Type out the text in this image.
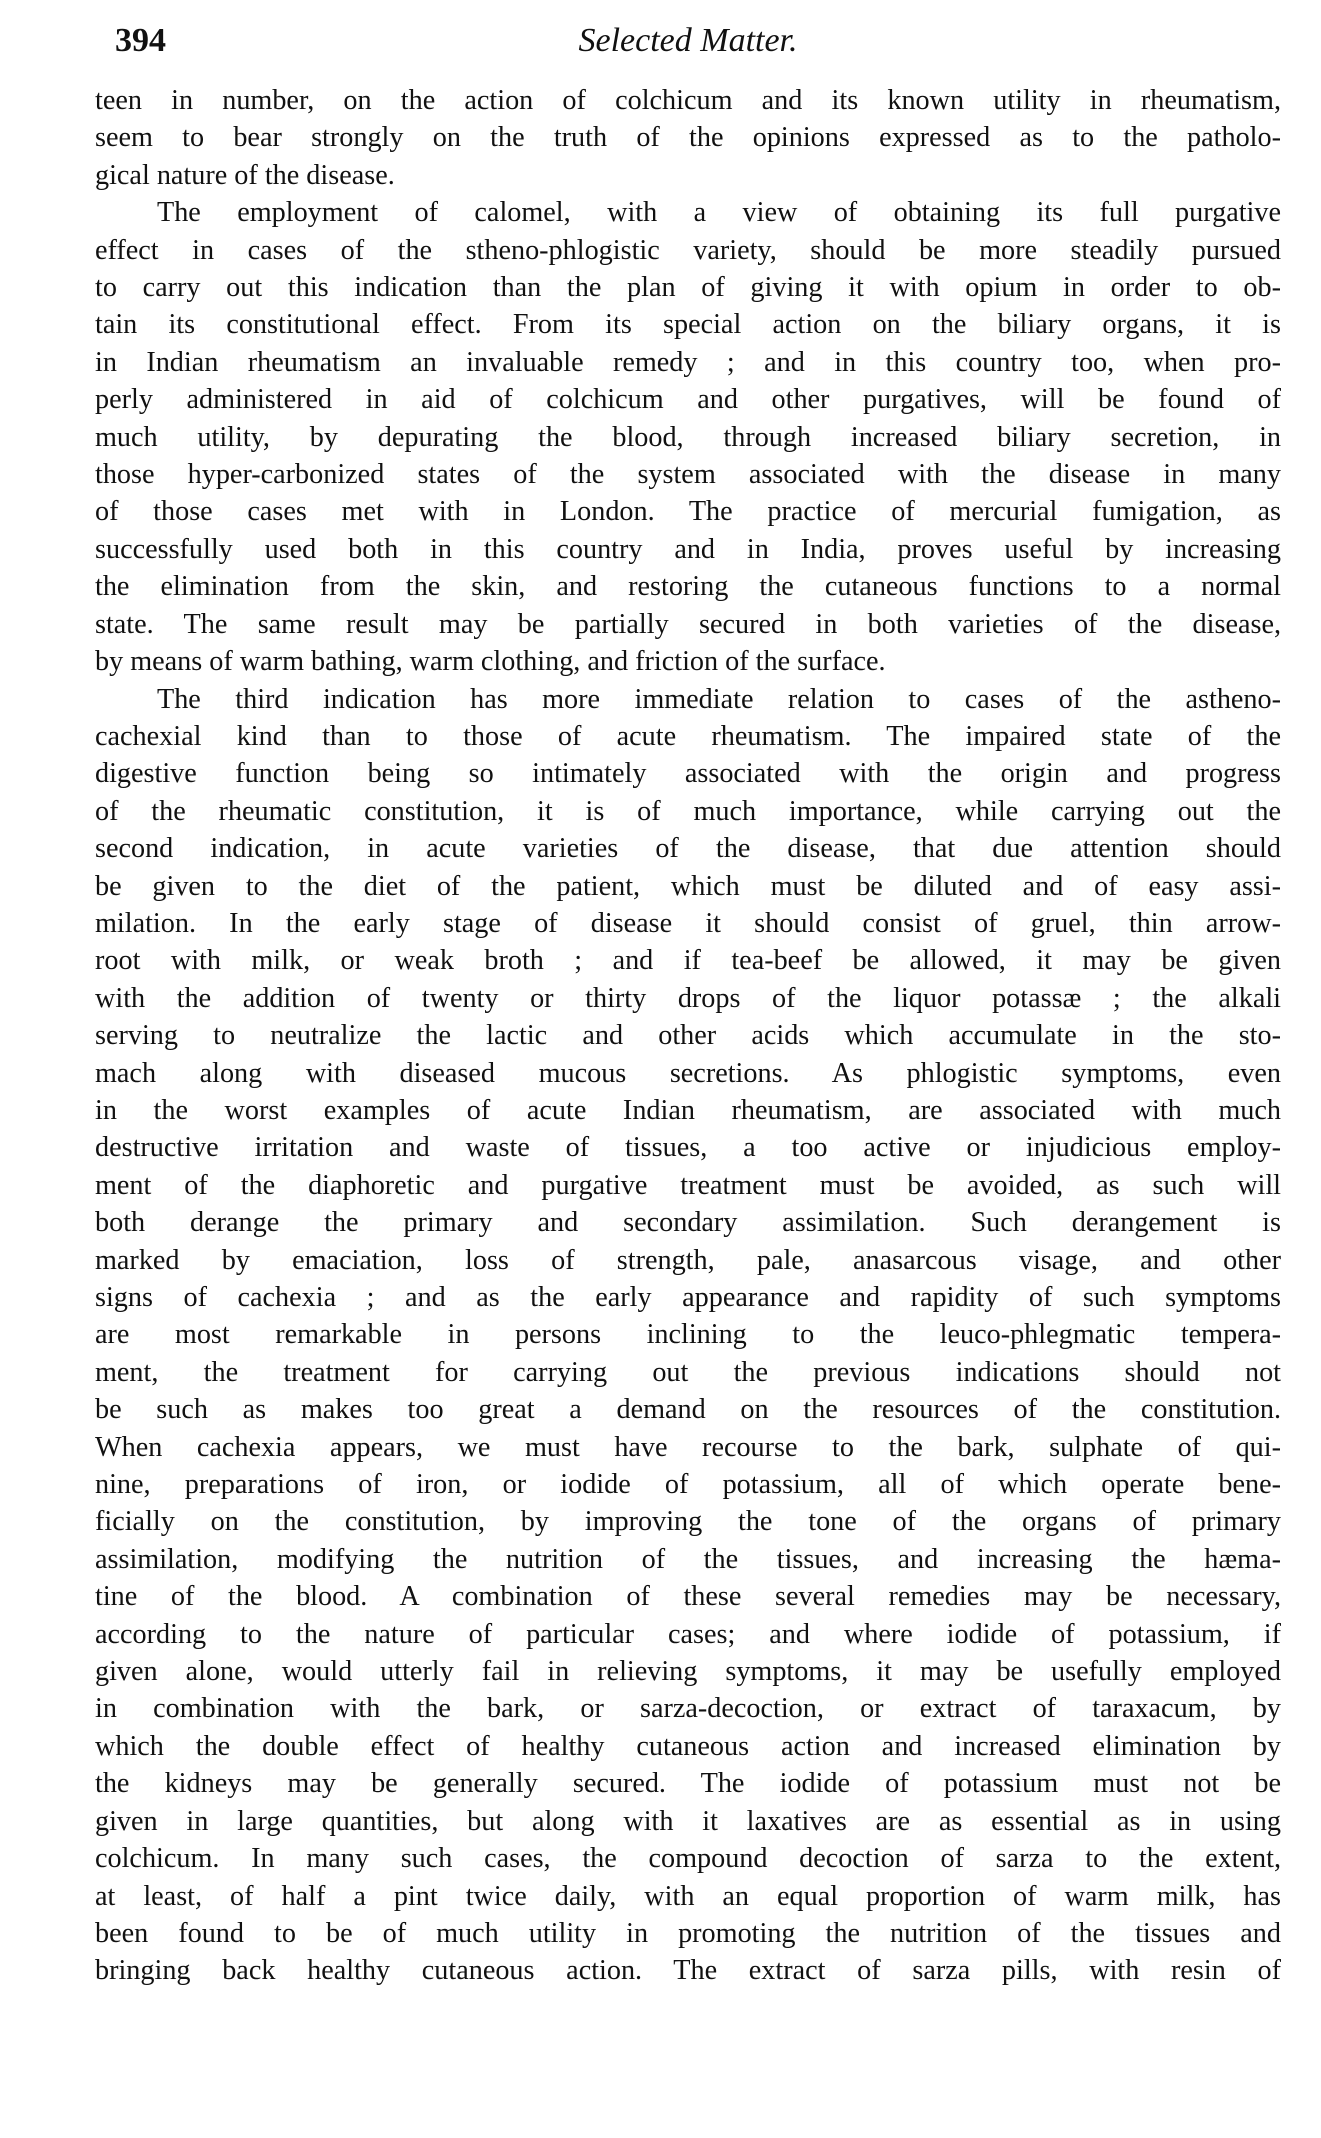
394	Selected Matter.
teen in number, on the action of colchicum and its known utility in rheumatism,
seem to bear strongly on the truth of the opinions expressed as to the patholo-
gical nature of the disease.
The employment of calomel, with a view of obtaining its full purgative
effect in cases of the stheno-phlogistic variety, should be more steadily pursued
to carry out this indication than the plan of giving it with opium in order to ob-
tain its constitutional effect. From its special action on the biliary organs, it is
in Indian rheumatism an invaluable remedy ; and in this country too, when pro-
perly administered in aid of colchicum and other purgatives, will be found of
much utility, by depurating the blood, through increased biliary secretion, in
those hyper-carbonized states of the system associated with the disease in many
of those cases met with in London. The practice of mercurial fumigation, as
successfully used both in this country and in India, proves useful by increasing
the elimination from the skin, and restoring the cutaneous functions to a normal
state. The same result may be partially secured in both varieties of the disease,
by means of warm bathing, warm clothing, and friction of the surface.
The third indication has more immediate relation to cases of the astheno-
cachexial kind than to those of acute rheumatism. The impaired state of the
digestive function being so intimately associated with the origin and progress
of the rheumatic constitution, it is of much importance, while carrying out the
second indication, in acute varieties of the disease, that due attention should
be given to the diet of the patient, which must be diluted and of easy assi-
milation. In the early stage of disease it should consist of gruel, thin arrow-
root with milk, or weak broth ; and if tea-beef be allowed, it may be given
with the addition of twenty or thirty drops of the liquor potassæ ; the alkali
serving to neutralize the lactic and other acids which accumulate in the sto-
mach along with diseased mucous secretions. As phlogistic symptoms, even
in the worst examples of acute Indian rheumatism, are associated with much
destructive irritation and waste of tissues, a too active or injudicious employ-
ment of the diaphoretic and purgative treatment must be avoided, as such will
both derange the primary and secondary assimilation. Such derangement is
marked by emaciation, loss of strength, pale, anasarcous visage, and other
signs of cachexia ; and as the early appearance and rapidity of such symptoms
are most remarkable in persons inclining to the leuco-phlegmatic tempera-
ment, the treatment for carrying out the previous indications should not
be such as makes too great a demand on the resources of the constitution.
When cachexia appears, we must have recourse to the bark, sulphate of qui-
nine, preparations of iron, or iodide of potassium, all of which operate bene-
ficially on the constitution, by improving the tone of the organs of primary
assimilation, modifying the nutrition of the tissues, and increasing the hæma-
tine of the blood. A combination of these several remedies may be necessary,
according to the nature of particular cases; and where iodide of potassium, if
given alone, would utterly fail in relieving symptoms, it may be usefully employed
in combination with the bark, or sarza-decoction, or extract of taraxacum, by
which the double effect of healthy cutaneous action and increased elimination by
the kidneys may be generally secured. The iodide of potassium must not be
given in large quantities, but along with it laxatives are as essential as in using
colchicum. In many such cases, the compound decoction of sarza to the extent,
at least, of half a pint twice daily, with an equal proportion of warm milk, has
been found to be of much utility in promoting the nutrition of the tissues and
bringing back healthy cutaneous action. The extract of sarza pills, with resin of
